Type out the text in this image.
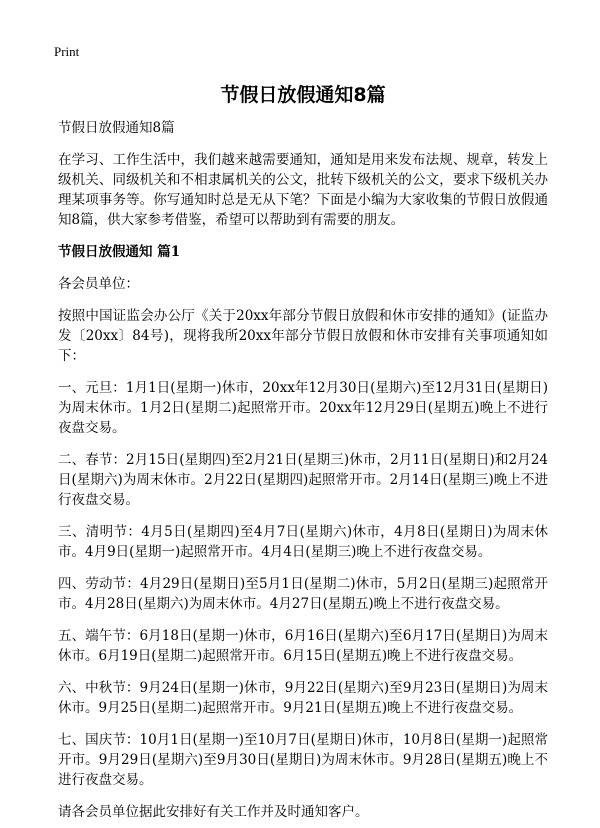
Print
节假日放假通知8篇
节假日放假通知8篇
在学习、工作生活中，我们越来越需要通知，通知是用来发布法规、规章，转发上级机关、同级机关和不相隶属机关的公文，批转下级机关的公文，要求下级机关办理某项事务等。你写通知时总是无从下笔？下面是小编为大家收集的节假日放假通知8篇，供大家参考借鉴，希望可以帮助到有需要的朋友。
节假日放假通知 篇1
各会员单位：
按照中国证监会办公厅《关于20xx年部分节假日放假和休市安排的通知》(证监办发〔20xx〕84号)，现将我所20xx年部分节假日放假和休市安排有关事项通知如下：
一、元旦：1月1日(星期一)休市，20xx年12月30日(星期六)至12月31日(星期日)为周末休市。1月2日(星期二)起照常开市。20xx年12月29日(星期五)晚上不进行夜盘交易。
二、春节：2月15日(星期四)至2月21日(星期三)休市，2月11日(星期日)和2月24日(星期六)为周末休市。2月22日(星期四)起照常开市。2月14日(星期三)晚上不进行夜盘交易。
三、清明节：4月5日(星期四)至4月7日(星期六)休市，4月8日(星期日)为周末休市。4月9日(星期一)起照常开市。4月4日(星期三)晚上不进行夜盘交易。
四、劳动节：4月29日(星期日)至5月1日(星期二)休市，5月2日(星期三)起照常开市。4月28日(星期六)为周末休市。4月27日(星期五)晚上不进行夜盘交易。
五、端午节：6月18日(星期一)休市，6月16日(星期六)至6月17日(星期日)为周末休市。6月19日(星期二)起照常开市。6月15日(星期五)晚上不进行夜盘交易。
六、中秋节：9月24日(星期一)休市，9月22日(星期六)至9月23日(星期日)为周末休市。9月25日(星期二)起照常开市。9月21日(星期五)晚上不进行夜盘交易。
七、国庆节：10月1日(星期一)至10月7日(星期日)休市，10月8日(星期一)起照常开市。9月29日(星期六)至9月30日(星期日)为周末休市。9月28日(星期五)晚上不进行夜盘交易。
请各会员单位据此安排好有关工作并及时通知客户。
